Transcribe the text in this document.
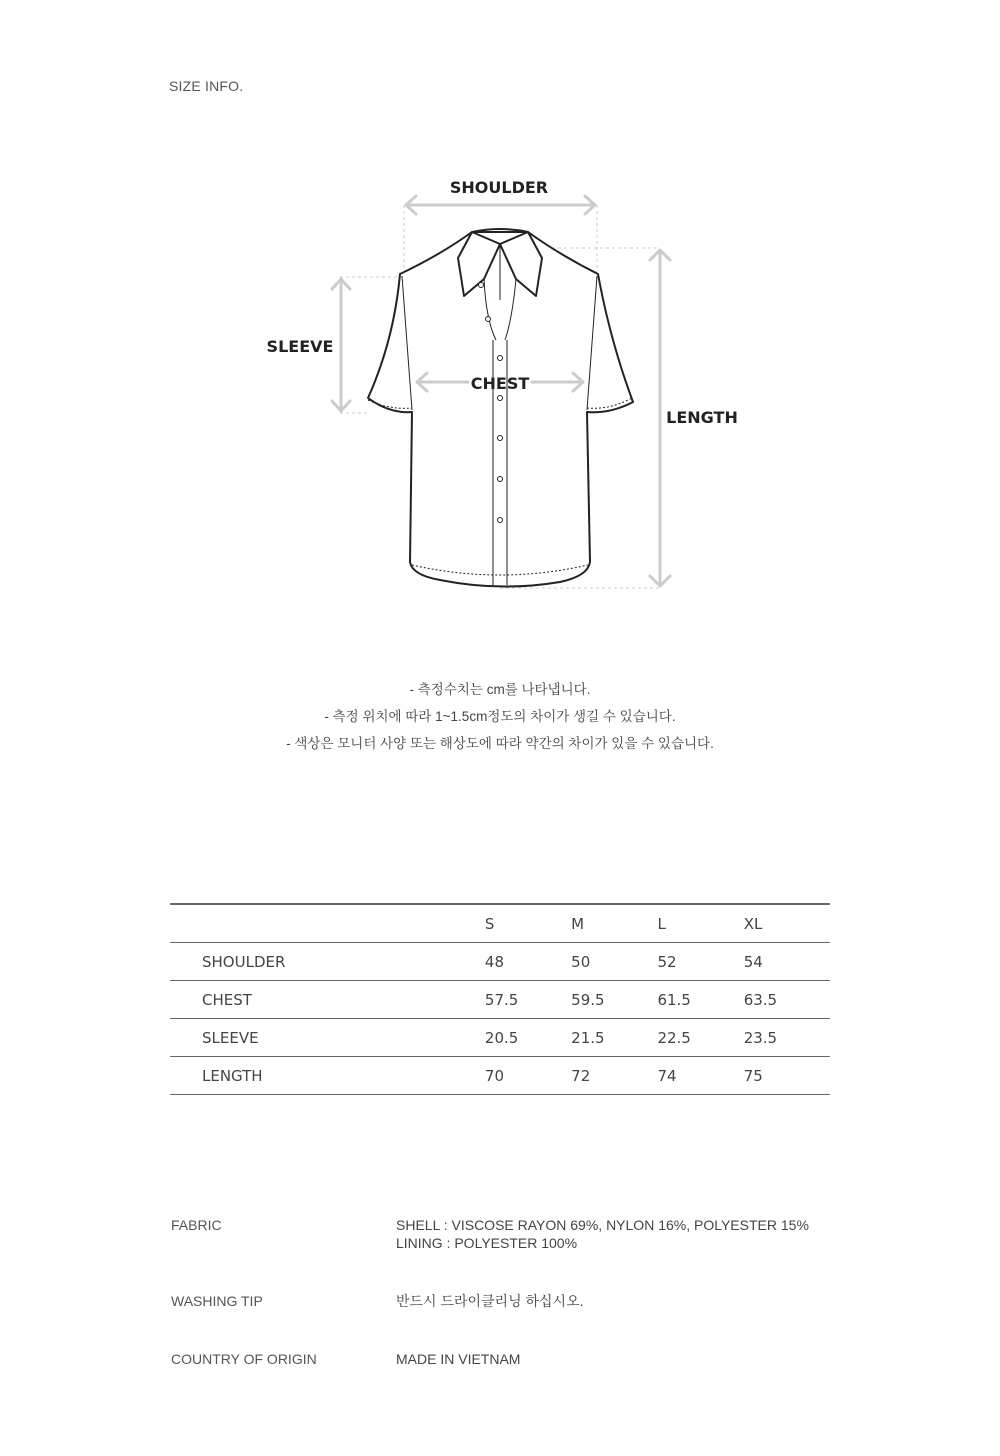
SIZE INFO.
SHOULDER
SLEEVE
CHEST
LENGTH
- 측정수치는 cm를 나타냅니다.
- 측정 위치에 따라 1~1.5cm정도의 차이가 생길 수 있습니다.
- 색상은 모니터 사양 또는 해상도에 따라 약간의 차이가 있을 수 있습니다.
	S	M	L	XL
SHOULDER	48	50	52	54
CHEST	57.5	59.5	61.5	63.5
SLEEVE	20.5	21.5	22.5	23.5
LENGTH	70	72	74	75
FABRIC	SHELL : VISCOSE RAYON 69%, NYLON 16%, POLYESTER 15%
LINING : POLYESTER 100%
WASHING TIP	반드시 드라이클리닝 하십시오.
COUNTRY OF ORIGIN	MADE IN VIETNAM
